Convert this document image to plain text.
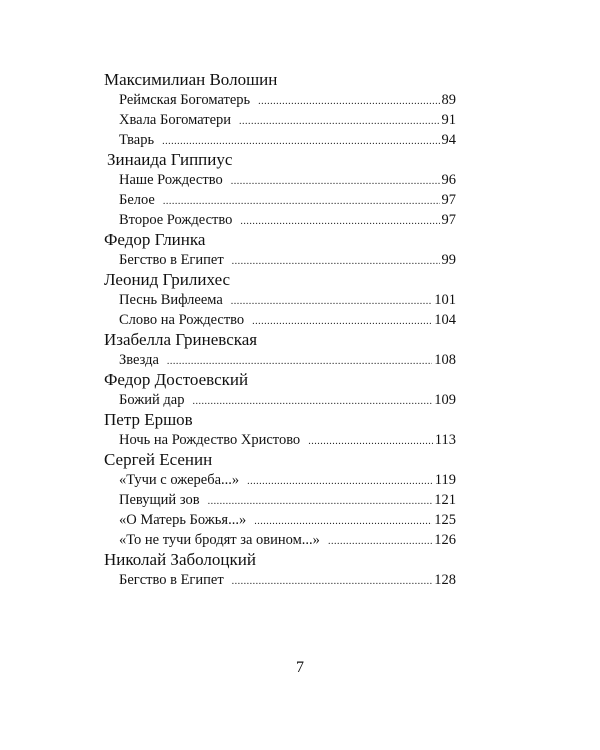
Максимилиан Волошин
Реймская Богоматерь .....	89
Хвала Богоматери .....	91
Тварь .....	94
Зинаида Гиппиус
Наше Рождество .....	96
Белое .....	97
Второе Рождество .....	97
Федор Глинка
Бегство в Египет .....	99
Леонид Грилихес
Песнь Вифлеема .....	101
Слово на Рождество .....	104
Изабелла Гриневская
Звезда .....	108
Федор Достоевский
Божий дар .....	109
Петр Ершов
Ночь на Рождество Христово .....	113
Сергей Есенин
«Тучи с ожереба...» .....	119
Певущий зов .....	121
«О Матерь Божья...» .....	125
«То не тучи бродят за овином...» .....	126
Николай Заболоцкий
Бегство в Египет .....	128
7
